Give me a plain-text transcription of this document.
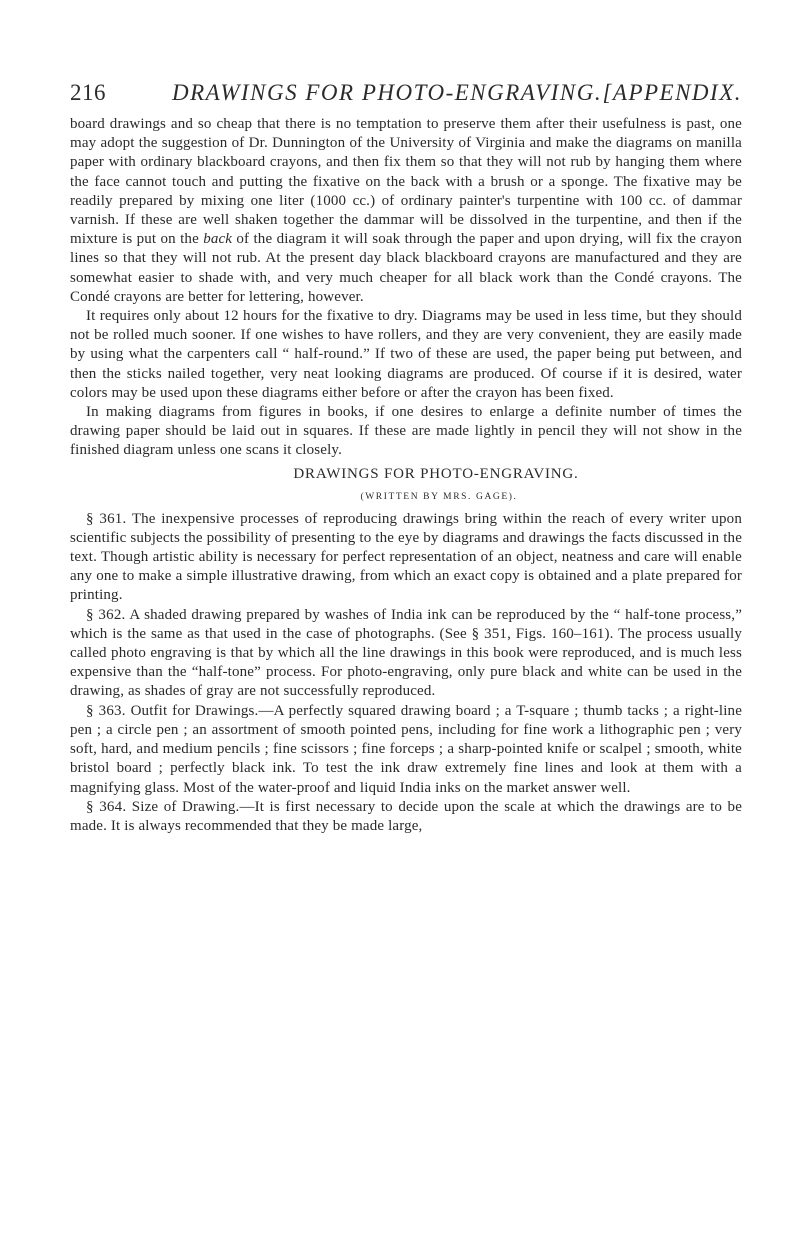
216	DRAWINGS FOR PHOTO-ENGRAVING. [APPENDIX.

board drawings and so cheap that there is no temptation to preserve them after their usefulness is past, one may adopt the suggestion of Dr. Dunnington of the University of Virginia and make the diagrams on manilla paper with ordinary blackboard crayons, and then fix them so that they will not rub by hanging them where the face cannot touch and putting the fixative on the back with a brush or a sponge. The fixative may be readily prepared by mixing one liter (1000 cc.) of ordinary painter's turpentine with 100 cc. of dammar varnish. If these are well shaken together the dammar will be dissolved in the turpentine, and then if the mixture is put on the back of the diagram it will soak through the paper and upon drying, will fix the crayon lines so that they will not rub. At the present day black blackboard crayons are manufactured and they are somewhat easier to shade with, and very much cheaper for all black work than the Condé crayons. The Condé crayons are better for lettering, however.

It requires only about 12 hours for the fixative to dry. Diagrams may be used in less time, but they should not be rolled much sooner. If one wishes to have rollers, and they are very convenient, they are easily made by using what the carpenters call “ half-round.” If two of these are used, the paper being put between, and then the sticks nailed together, very neat looking diagrams are produced. Of course if it is desired, water colors may be used upon these diagrams either before or after the crayon has been fixed.

In making diagrams from figures in books, if one desires to enlarge a definite number of times the drawing paper should be laid out in squares. If these are made lightly in pencil they will not show in the finished diagram unless one scans it closely.

DRAWINGS FOR PHOTO-ENGRAVING.
(WRITTEN BY MRS. GAGE).

§ 361. The inexpensive processes of reproducing drawings bring within the reach of every writer upon scientific subjects the possibility of presenting to the eye by diagrams and drawings the facts discussed in the text. Though artistic ability is necessary for perfect representation of an object, neatness and care will enable any one to make a simple illustrative drawing, from which an exact copy is obtained and a plate prepared for printing.

§ 362. A shaded drawing prepared by washes of India ink can be reproduced by the “ half-tone process,” which is the same as that used in the case of photographs. (See § 351, Figs. 160–161). The process usually called photo engraving is that by which all the line drawings in this book were reproduced, and is much less expensive than the “half-tone” process. For photo-engraving, only pure black and white can be used in the drawing, as shades of gray are not successfully reproduced.

§ 363. Outfit for Drawings.—A perfectly squared drawing board ; a T-square ; thumb tacks ; a right-line pen ; a circle pen ; an assortment of smooth pointed pens, including for fine work a lithographic pen ; very soft, hard, and medium pencils ; fine scissors ; fine forceps ; a sharp-pointed knife or scalpel ; smooth, white bristol board ; perfectly black ink. To test the ink draw extremely fine lines and look at them with a magnifying glass. Most of the water-proof and liquid India inks on the market answer well.

§ 364. Size of Drawing.—It is first necessary to decide upon the scale at which the drawings are to be made. It is always recommended that they be made large,
